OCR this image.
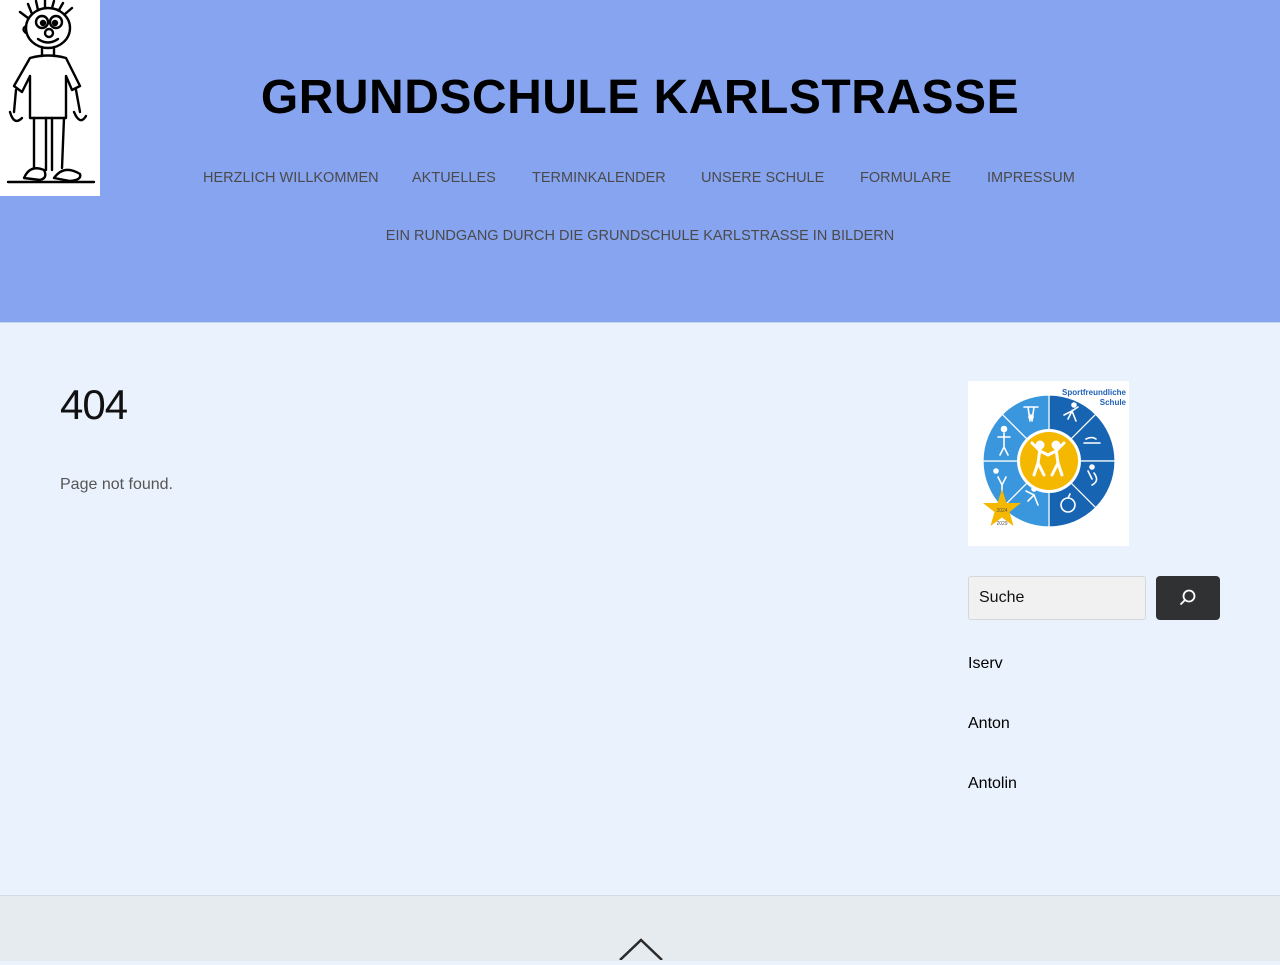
GRUNDSCHULE KARLSTRASSE
HERZLICH WILLKOMMEN AKTUELLES TERMINKALENDER UNSERE SCHULE FORMULARE IMPRESSUM
EIN RUNDGANG DURCH DIE GRUNDSCHULE KARLSTRASSE IN BILDERN
404
Page not found.
Sportfreundliche
Schule
2024
2029
Suche
Iserv
Anton
Antolin
